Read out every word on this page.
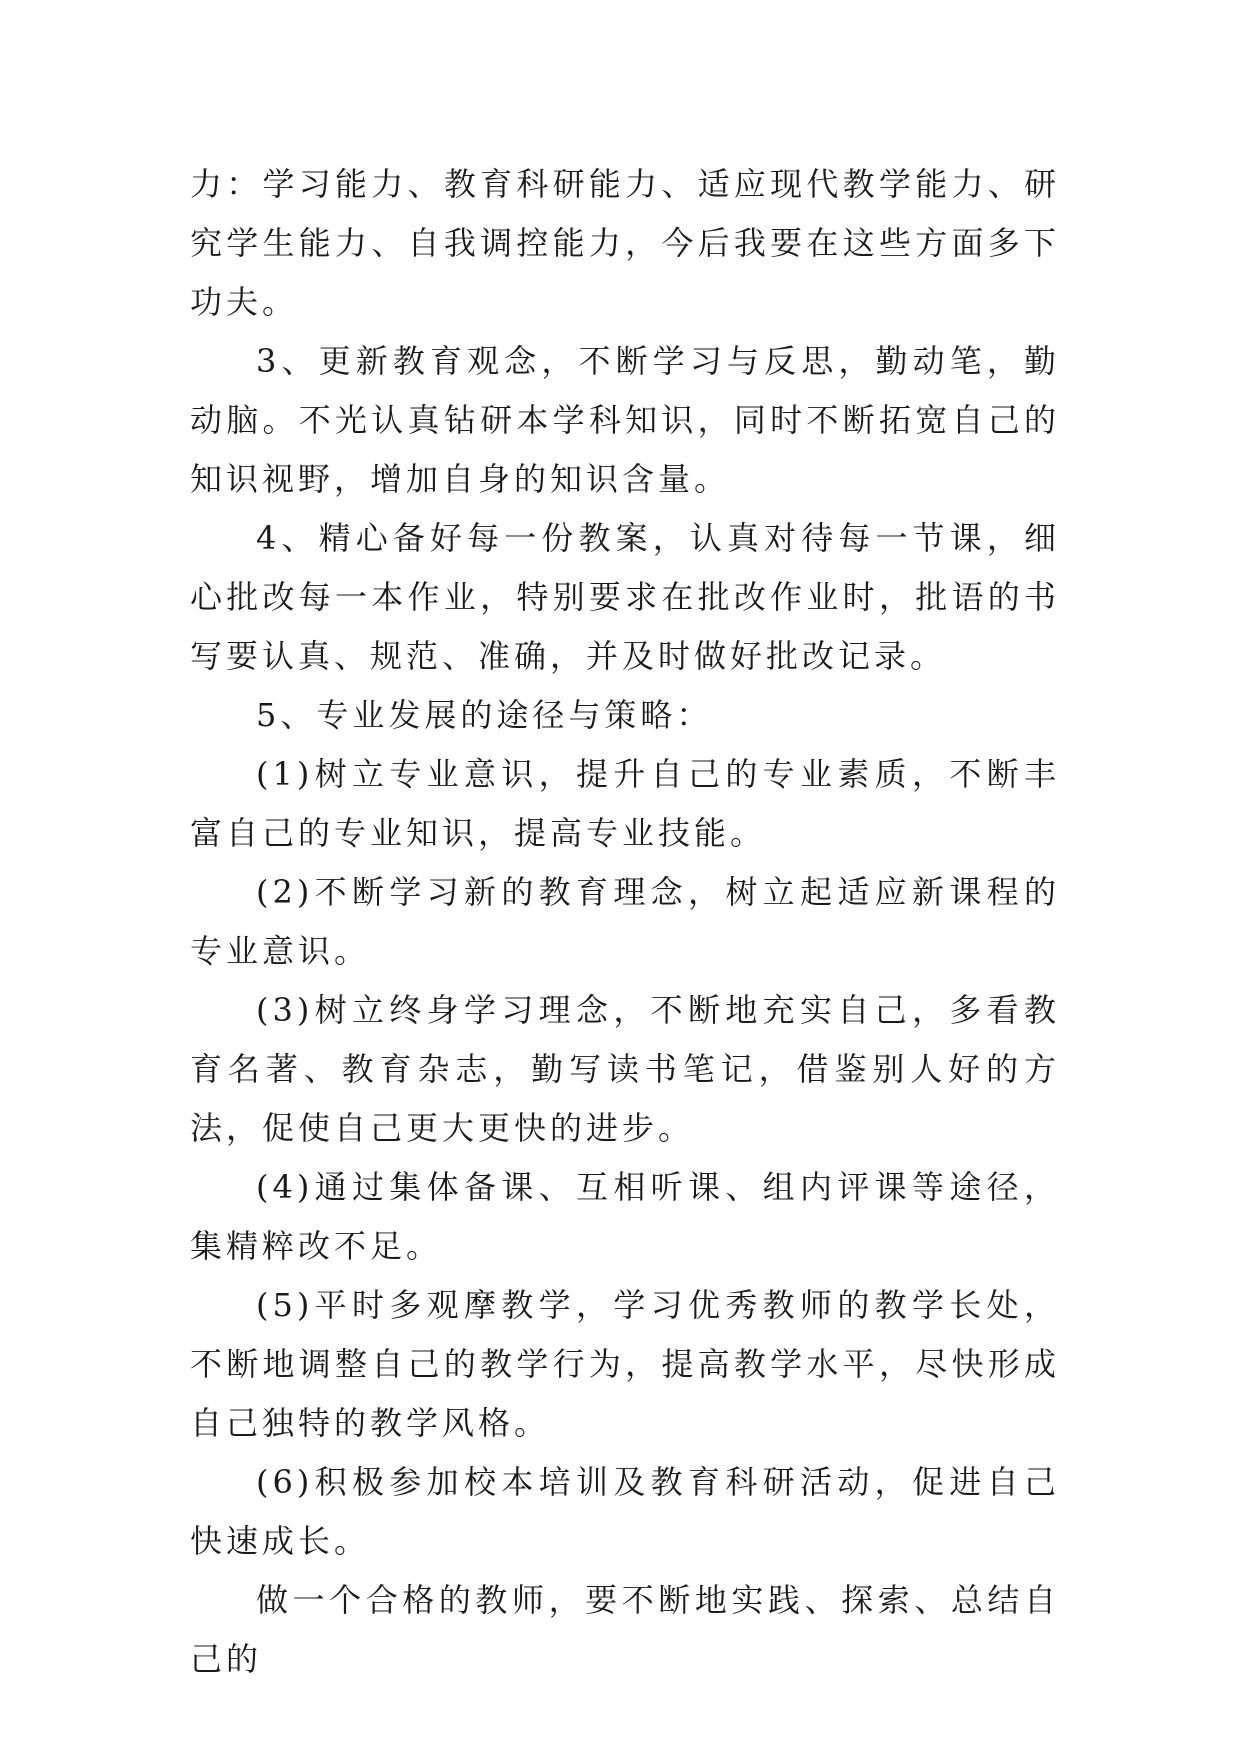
力：学习能力、教育科研能力、适应现代教学能力、研究学生能力、自我调控能力，今后我要在这些方面多下功夫。

3、更新教育观念，不断学习与反思，勤动笔，勤动脑。不光认真钻研本学科知识，同时不断拓宽自己的知识视野，增加自身的知识含量。

4、精心备好每一份教案，认真对待每一节课，细心批改每一本作业，特别要求在批改作业时，批语的书写要认真、规范、准确，并及时做好批改记录。

5、专业发展的途径与策略：

(1)树立专业意识，提升自己的专业素质，不断丰富自己的专业知识，提高专业技能。

(2)不断学习新的教育理念，树立起适应新课程的专业意识。

(3)树立终身学习理念，不断地充实自己，多看教育名著、教育杂志，勤写读书笔记，借鉴别人好的方法，促使自己更大更快的进步。

(4)通过集体备课、互相听课、组内评课等途径，集精粹改不足。

(5)平时多观摩教学，学习优秀教师的教学长处，不断地调整自己的教学行为，提高教学水平，尽快形成自己独特的教学风格。

(6)积极参加校本培训及教育科研活动，促进自己快速成长。

做一个合格的教师，要不断地实践、探索、总结自己的
